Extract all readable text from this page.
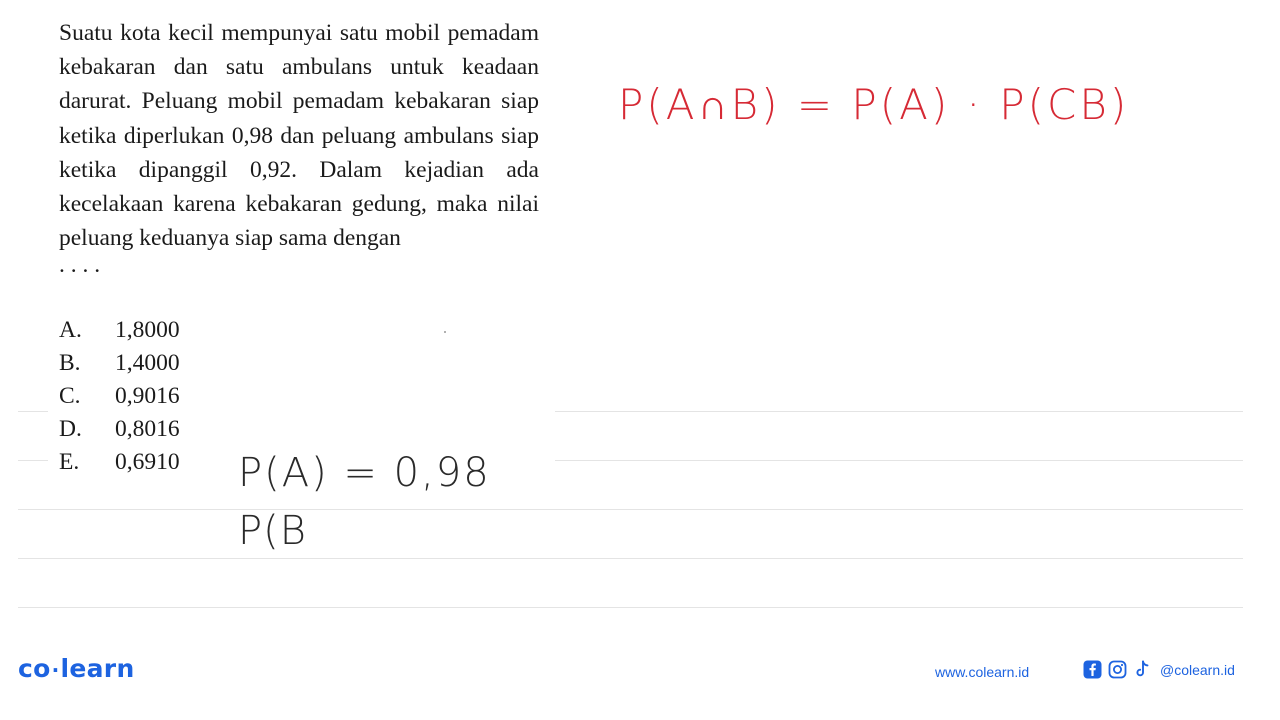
Suatu kota kecil mempunyai satu mobil pemadam kebakaran dan satu ambulans untuk keadaan darurat. Peluang mobil pemadam kebakaran siap ketika diperlukan 0,98 dan peluang ambulans siap ketika dipanggil 0,92. Dalam kejadian ada kecelakaan karena kebakaran gedung, maka nilai peluang keduanya siap sama dengan

. . . .
A. 1,8000
B. 1,4000
C. 0,9016
D. 0,8016
E. 0,6910
P(A∩B) = P(A) · P(CB)
P(A) = 0,98
P(B
co·learn	www.colearn.id	@colearn.id
